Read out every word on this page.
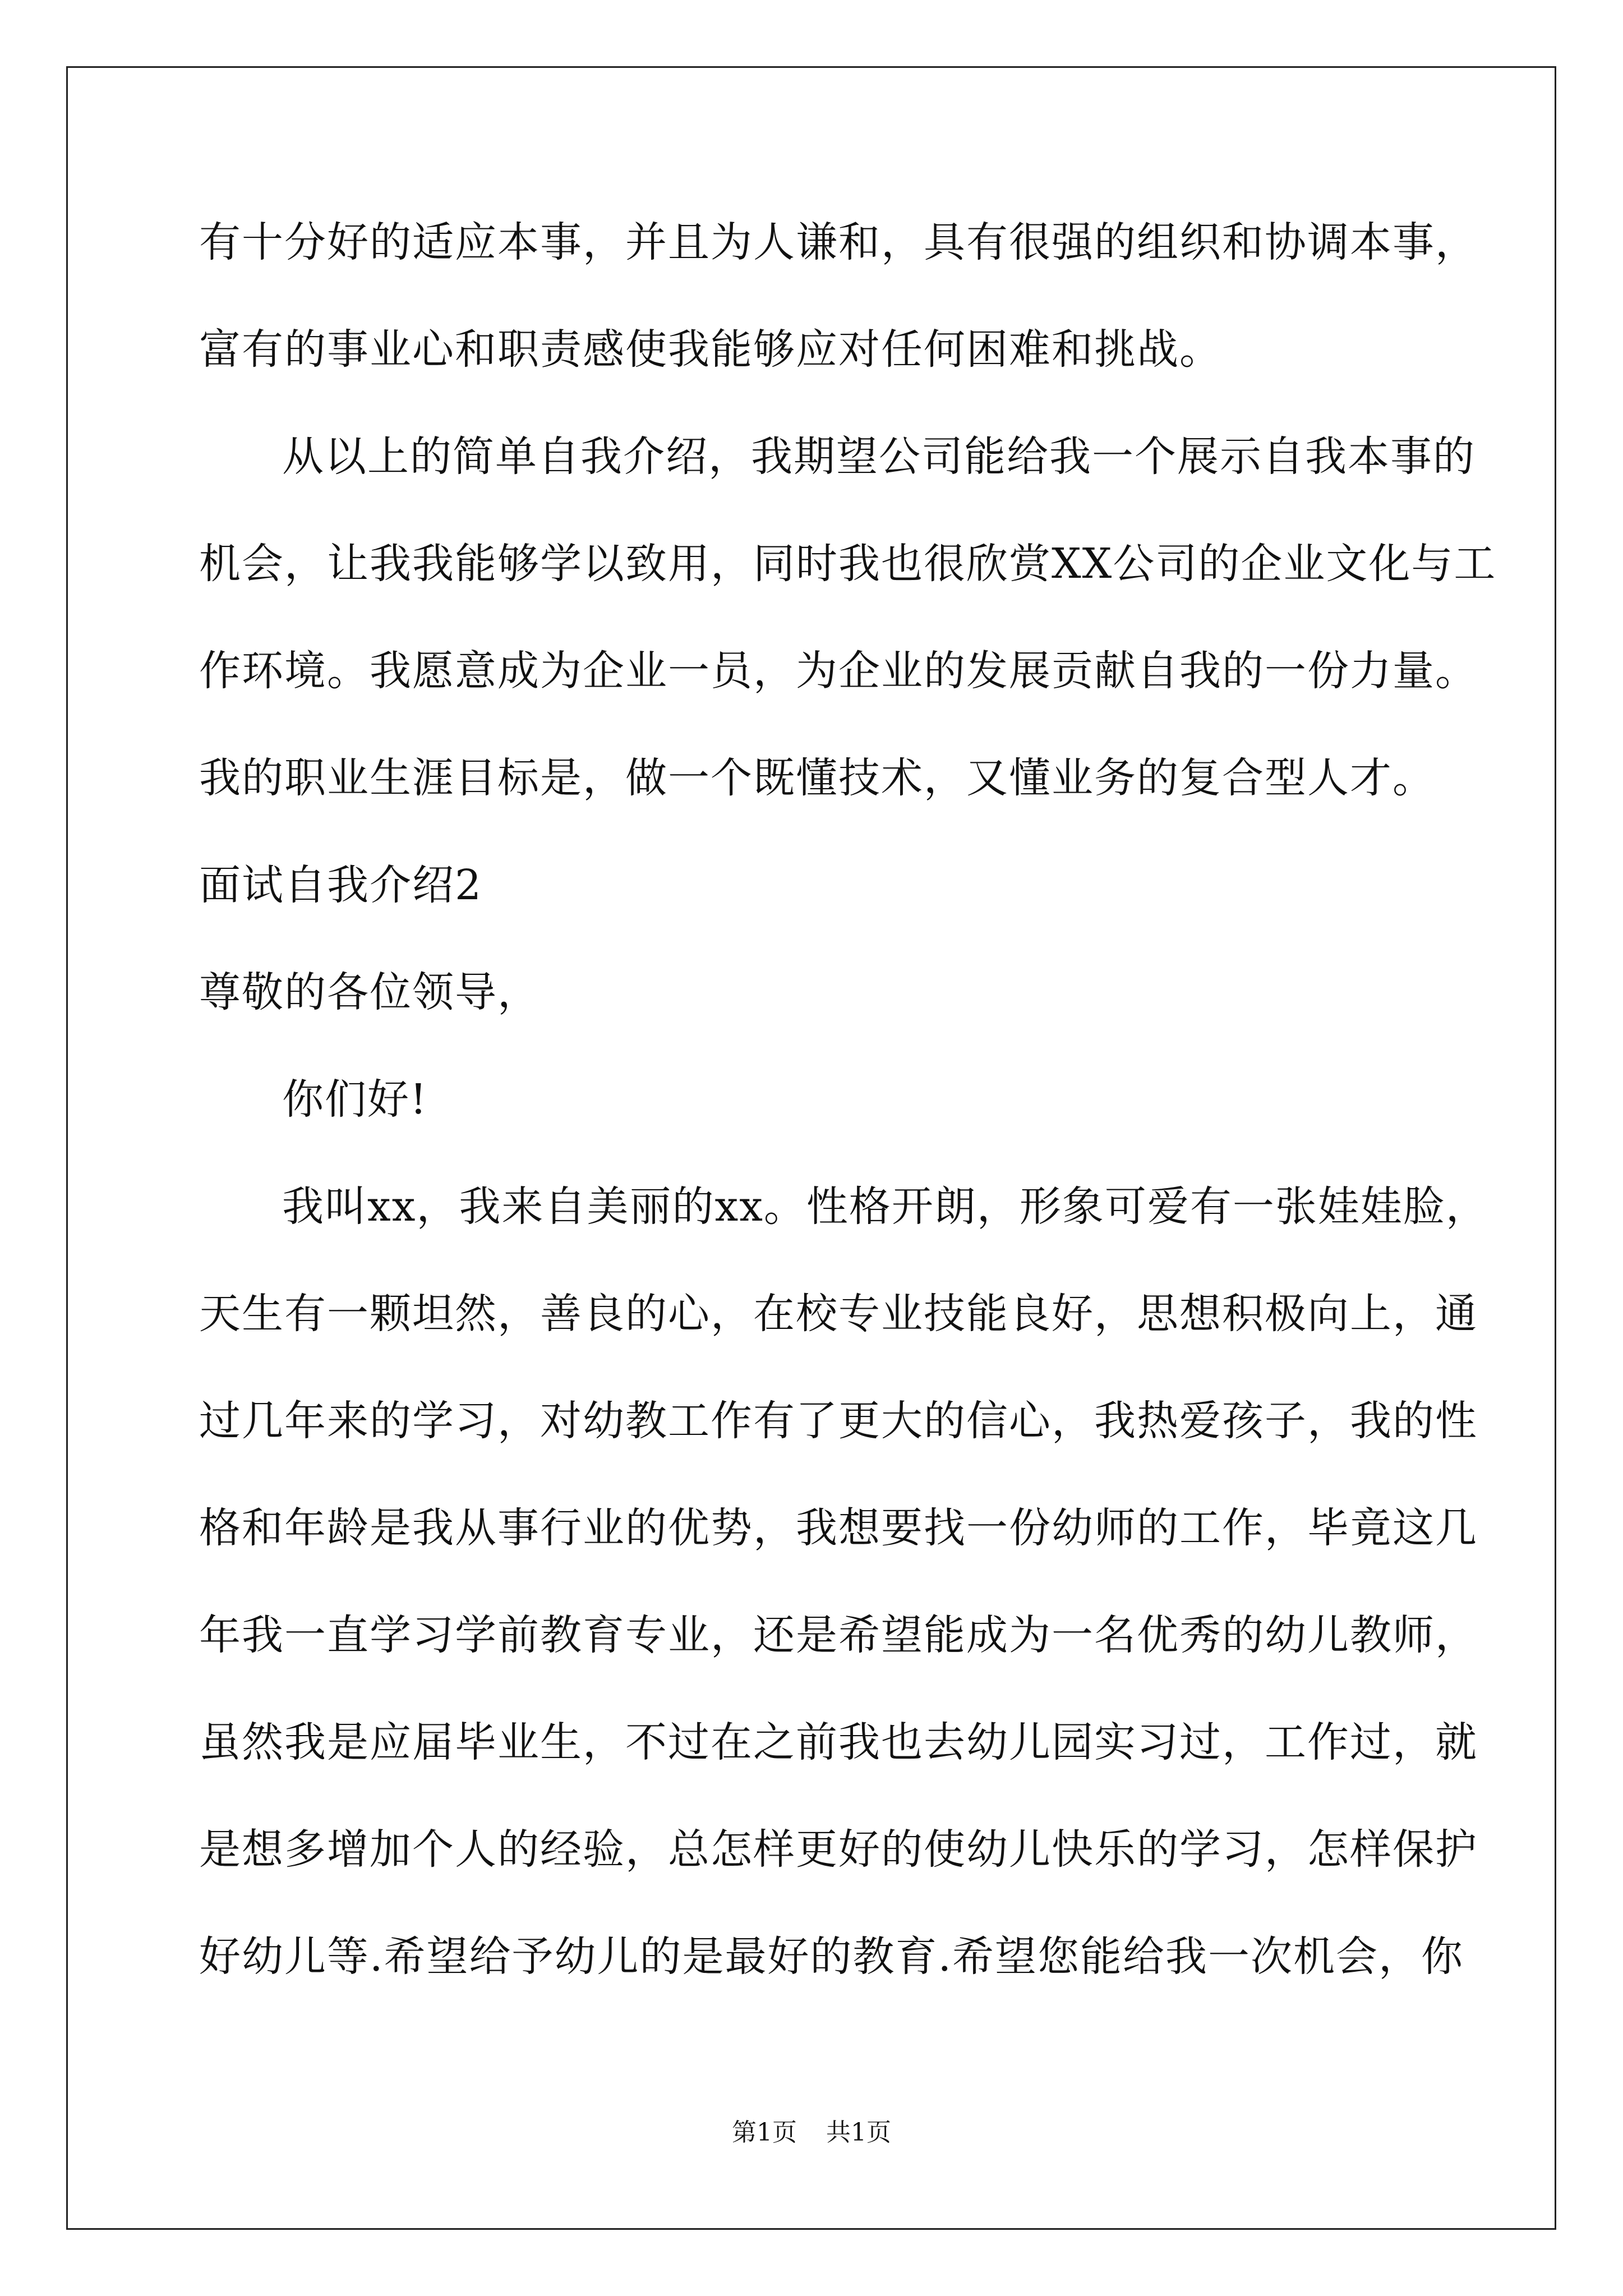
有十分好的适应本事，并且为人谦和，具有很强的组织和协调本事，
富有的事业心和职责感使我能够应对任何困难和挑战。
从以上的简单自我介绍，我期望公司能给我一个展示自我本事的
机会，让我我能够学以致用，同时我也很欣赏XX公司的企业文化与工
作环境。我愿意成为企业一员，为企业的发展贡献自我的一份力量。
我的职业生涯目标是，做一个既懂技术，又懂业务的复合型人才。
面试自我介绍2
尊敬的各位领导，
你们好!
我叫xx，我来自美丽的xx。性格开朗，形象可爱有一张娃娃脸，
天生有一颗坦然，善良的心，在校专业技能良好，思想积极向上，通
过几年来的学习，对幼教工作有了更大的信心，我热爱孩子，我的性
格和年龄是我从事行业的优势，我想要找一份幼师的工作，毕竟这几
年我一直学习学前教育专业，还是希望能成为一名优秀的幼儿教师，
虽然我是应届毕业生，不过在之前我也去幼儿园实习过，工作过，就
是想多增加个人的经验，总怎样更好的使幼儿快乐的学习，怎样保护
好幼儿等.希望给予幼儿的是最好的教育.希望您能给我一次机会，你
第1页 共1页
